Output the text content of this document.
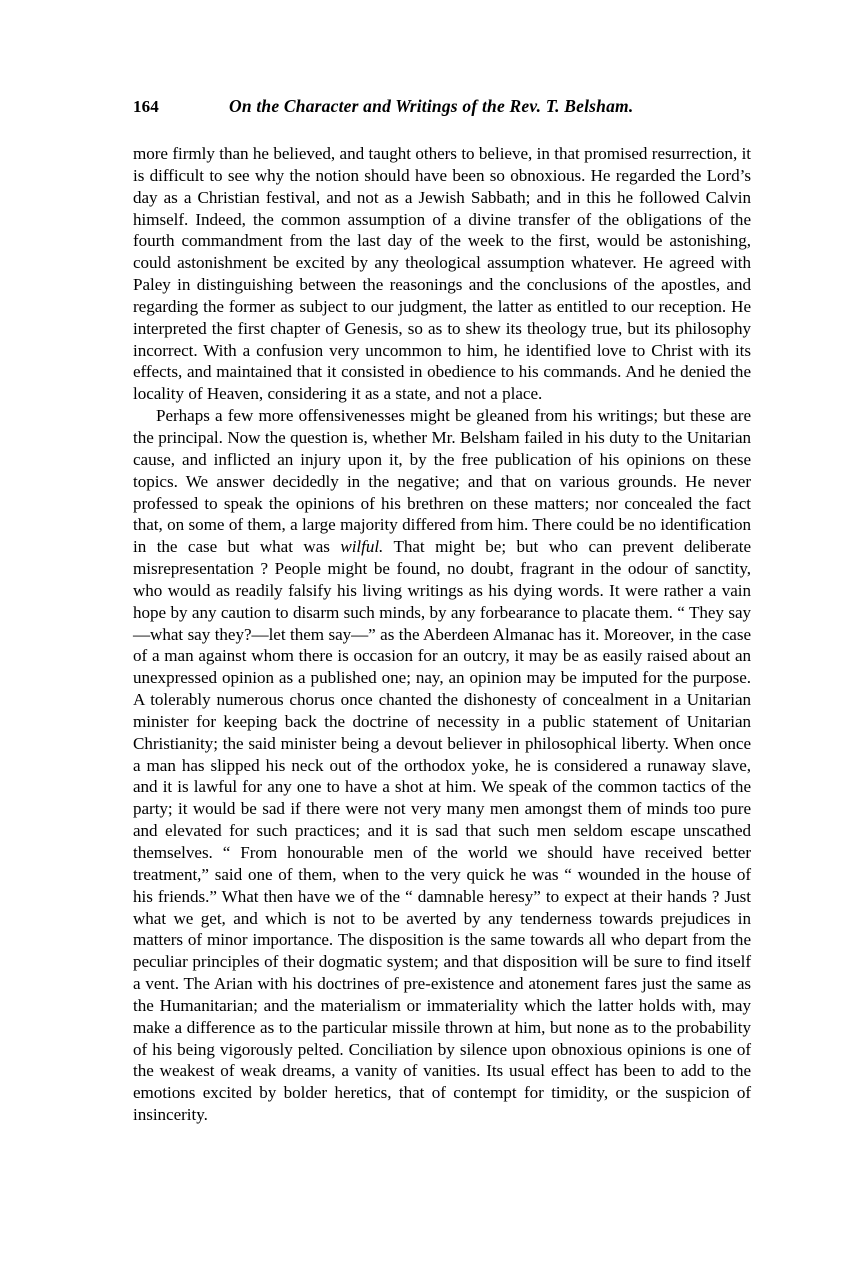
164	On the Character and Writings of the Rev. T. Belsham.

more firmly than he believed, and taught others to believe, in that promised resurrection, it is difficult to see why the notion should have been so obnoxious. He regarded the Lord’s day as a Christian festival, and not as a Jewish Sabbath; and in this he followed Calvin himself. Indeed, the common assumption of a divine transfer of the obligations of the fourth commandment from the last day of the week to the first, would be astonishing, could astonishment be excited by any theological assumption whatever. He agreed with Paley in distinguishing between the reasonings and the conclusions of the apostles, and regarding the former as subject to our judgment, the latter as entitled to our reception. He interpreted the first chapter of Genesis, so as to shew its theology true, but its philosophy incorrect. With a confusion very uncommon to him, he identified love to Christ with its effects, and maintained that it consisted in obedience to his commands. And he denied the locality of Heaven, considering it as a state, and not a place.

Perhaps a few more offensivenesses might be gleaned from his writings; but these are the principal. Now the question is, whether Mr. Belsham failed in his duty to the Unitarian cause, and inflicted an injury upon it, by the free publication of his opinions on these topics. We answer decidedly in the negative; and that on various grounds. He never professed to speak the opinions of his brethren on these matters; nor concealed the fact that, on some of them, a large majority differed from him. There could be no identification in the case but what was wilful. That might be; but who can prevent deliberate misrepresentation ? People might be found, no doubt, fragrant in the odour of sanctity, who would as readily falsify his living writings as his dying words. It were rather a vain hope by any caution to disarm such minds, by any forbearance to placate them. “ They say—what say they?—let them say—” as the Aberdeen Almanac has it. Moreover, in the case of a man against whom there is occasion for an outcry, it may be as easily raised about an unexpressed opinion as a published one; nay, an opinion may be imputed for the purpose. A tolerably numerous chorus once chanted the dishonesty of concealment in a Unitarian minister for keeping back the doctrine of necessity in a public statement of Unitarian Christianity; the said minister being a devout believer in philosophical liberty. When once a man has slipped his neck out of the orthodox yoke, he is considered a runaway slave, and it is lawful for any one to have a shot at him. We speak of the common tactics of the party; it would be sad if there were not very many men amongst them of minds too pure and elevated for such practices; and it is sad that such men seldom escape unscathed themselves. “ From honourable men of the world we should have received better treatment,” said one of them, when to the very quick he was “ wounded in the house of his friends.” What then have we of the “ damnable heresy” to expect at their hands ? Just what we get, and which is not to be averted by any tenderness towards prejudices in matters of minor importance. The disposition is the same towards all who depart from the peculiar principles of their dogmatic system; and that disposition will be sure to find itself a vent. The Arian with his doctrines of pre-existence and atonement fares just the same as the Humanitarian; and the materialism or immateriality which the latter holds with, may make a difference as to the particular missile thrown at him, but none as to the probability of his being vigorously pelted. Conciliation by silence upon obnoxious opinions is one of the weakest of weak dreams, a vanity of vanities. Its usual effect has been to add to the emotions excited by bolder heretics, that of contempt for timidity, or the suspicion of insincerity.
